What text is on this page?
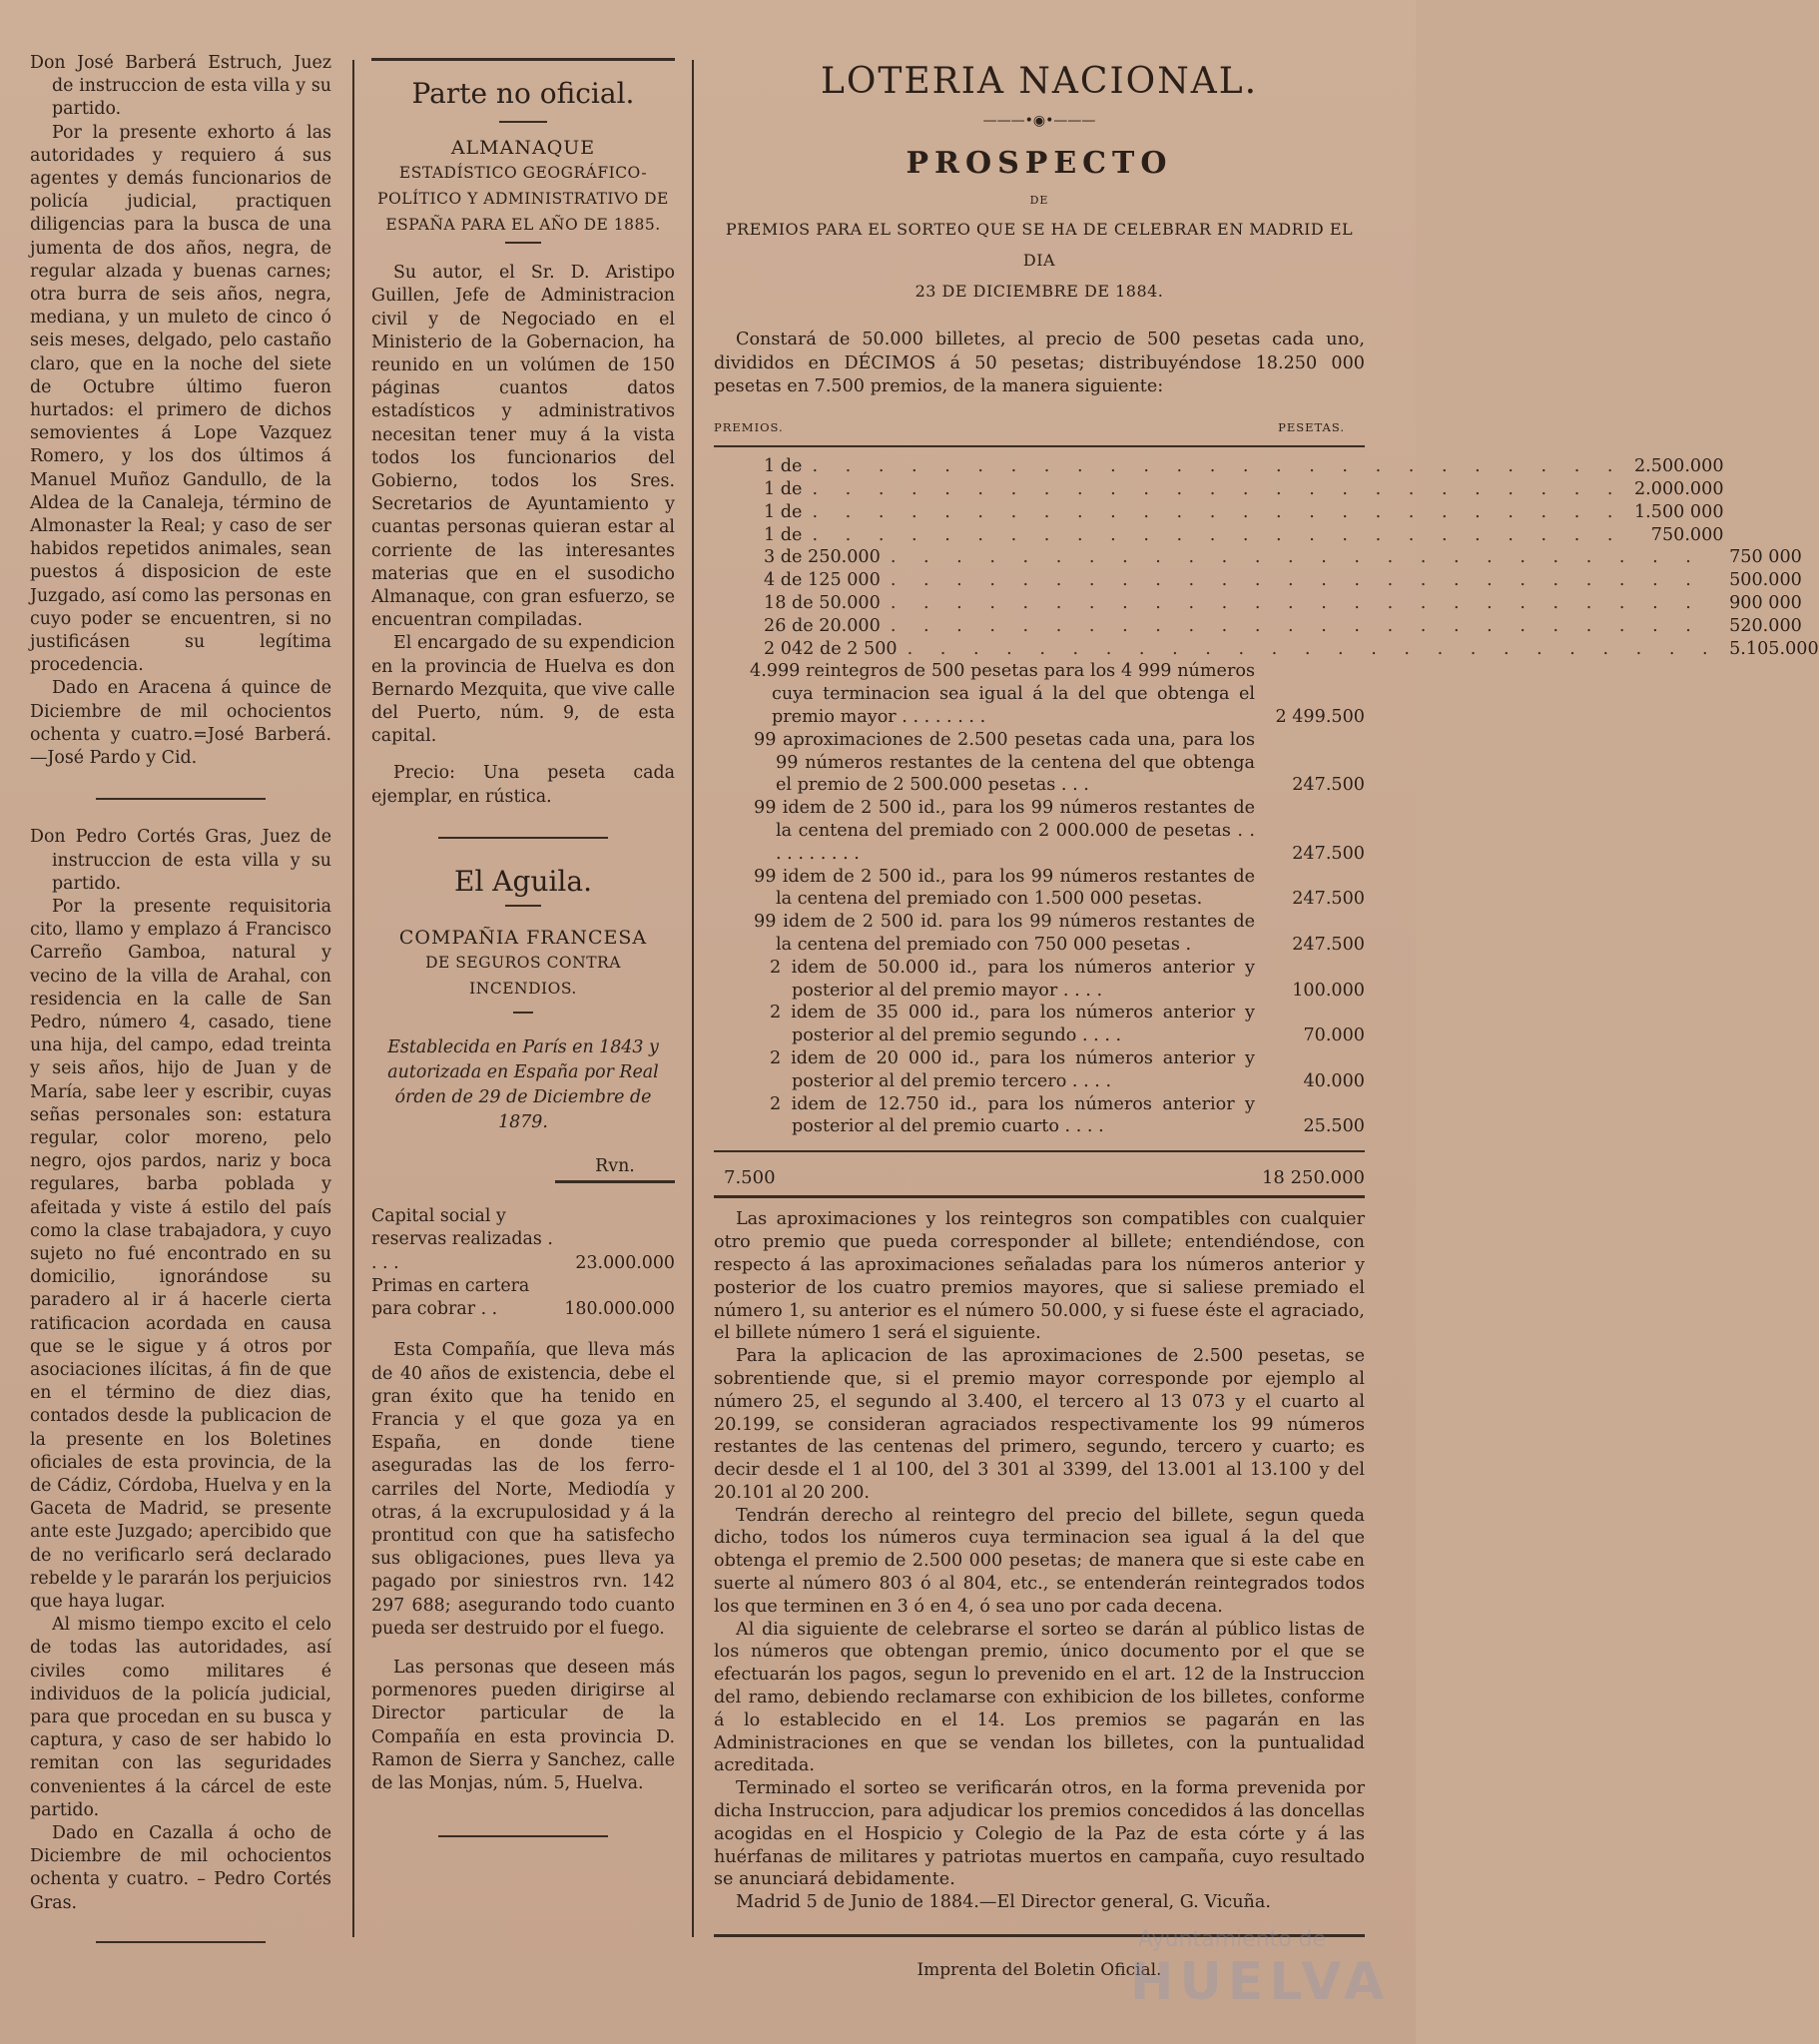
Don José Barberá Estruch, Juez de instruccion de esta villa y su partido.

Por la presente exhorto á las autoridades y requiero á sus agentes y demás funcionarios de policía judicial, practiquen diligencias para la busca de una jumenta de dos años, negra, de regular alzada y buenas carnes; otra burra de seis años, negra, mediana, y un muleto de cinco ó seis meses, delgado, pelo castaño claro, que en la noche del siete de Octubre último fueron hurtados: el primero de dichos semovientes á Lope Vazquez Romero, y los dos últimos á Manuel Muñoz Gandullo, de la Aldea de la Canaleja, término de Almonaster la Real; y caso de ser habidos repetidos animales, sean puestos á disposicion de este Juzgado, así como las personas en cuyo poder se encuentren, si no justificásen su legítima procedencia.

Dado en Aracena á quince de Diciembre de mil ochocientos ochenta y cuatro.=José Barberá. —José Pardo y Cid.

Don Pedro Cortés Gras, Juez de instruccion de esta villa y su partido.

Por la presente requisitoria cito, llamo y emplazo á Francisco Carreño Gamboa, natural y vecino de la villa de Arahal, con residencia en la calle de San Pedro, número 4, casado, tiene una hija, del campo, edad treinta y seis años, hijo de Juan y de María, sabe leer y escribir, cuyas señas personales son: estatura regular, color moreno, pelo negro, ojos pardos, nariz y boca regulares, barba poblada y afeitada y viste á estilo del país como la clase trabajadora, y cuyo sujeto no fué encontrado en su domicilio, ignorándose su paradero al ir á hacerle cierta ratificacion acordada en causa que se le sigue y á otros por asociaciones ilícitas, á fin de que en el término de diez dias, contados desde la publicacion de la presente en los Boletines oficiales de esta provincia, de la de Cádiz, Córdoba, Huelva y en la Gaceta de Madrid, se presente ante este Juzgado; apercibido que de no verificarlo será declarado rebelde y le pararán los perjuicios que haya lugar.

Al mismo tiempo excito el celo de todas las autoridades, así civiles como militares é individuos de la policía judicial, para que procedan en su busca y captura, y caso de ser habido lo remitan con las seguridades convenientes á la cárcel de este partido.

Dado en Cazalla á ocho de Diciembre de mil ochocientos ochenta y cuatro. – Pedro Cortés Gras.

Parte no oficial.
ALMANAQUE
ESTADÍSTICO GEOGRÁFICO-POLÍTICO Y ADMINISTRATIVO DE ESPAÑA PARA EL AÑO DE 1885.

Su autor, el Sr. D. Aristipo Guillen, Jefe de Administracion civil y de Negociado en el Ministerio de la Gobernacion, ha reunido en un volúmen de 150 páginas cuantos datos estadísticos y administrativos necesitan tener muy á la vista todos los funcionarios del Gobierno, todos los Sres. Secretarios de Ayuntamiento y cuantas personas quieran estar al corriente de las interesantes materias que en el susodicho Almanaque, con gran esfuerzo, se encuentran compiladas.

El encargado de su expendicion en la provincia de Huelva es don Bernardo Mezquita, que vive calle del Puerto, núm. 9, de esta capital.

Precio: Una peseta cada ejemplar, en rústica.

El Aguila.
COMPAÑIA FRANCESA
DE SEGUROS CONTRA INCENDIOS.

Establecida en París en 1843 y autorizada en España por Real órden de 29 de Diciembre de 1879.

Rvn.
Capital social y reservas realizadas . . . .	23.000.000
Primas en cartera para cobrar . .	180.000.000

Esta Compañía, que lleva más de 40 años de existencia, debe el gran éxito que ha tenido en Francia y el que goza ya en España, en donde tiene aseguradas las de los ferro-carriles del Norte, Mediodía y otras, á la excrupulosidad y á la prontitud con que ha satisfecho sus obligaciones, pues lleva ya pagado por siniestros rvn. 142 297 688; asegurando todo cuanto pueda ser destruido por el fuego.

Las personas que deseen más pormenores pueden dirigirse al Director particular de la Compañía en esta provincia D. Ramon de Sierra y Sanchez, calle de las Monjas, núm. 5, Huelva.

LOTERIA NACIONAL.
———•◉•———
PROSPECTO
DE
PREMIOS PARA EL SORTEO QUE SE HA DE CELEBRAR EN MADRID EL DIA
23 DE DICIEMBRE DE 1884.

Constará de 50.000 billetes, al precio de 500 pesetas cada uno, divididos en DÉCIMOS á 50 pesetas; distribuyéndose 18.250 000 pesetas en 7.500 premios, de la manera siguiente:

PREMIOS.	PESETAS.
1 de . . . . . . . . . . . . . . . . . . . . . . . . . 2.500.000
1 de . . . . . . . . . . . . . . . . . . . . . . . . . 2.000.000
1 de . . . . . . . . . . . . . . . . . . . . . . . . . 1.500 000
1 de . . . . . . . . . . . . . . . . . . . . . . . . .	750.000
3 de 250.000 . . . . . . . . . . . . . . . . . . . . . . . . .	750 000
4 de 125 000 . . . . . . . . . . . . . . . . . . . . . . . . .	500.000
18 de 50.000 . . . . . . . . . . . . . . . . . . . . . . . . .	900 000
26 de 20.000 . . . . . . . . . . . . . . . . . . . . . . . . .	520.000
2 042 de 2 500 . . . . . . . . . . . . . . . . . . . . . . . . . 5.105.000
4.999 reintegros de 500 pesetas para los 4 999 números cuya terminacion sea igual á la del que obtenga el premio mayor . . . . . . . .	2 499.500
99 aproximaciones de 2.500 pesetas cada una, para los 99 números restantes de la centena del que obtenga el premio de 2 500.000 pesetas . . .	247.500
99 idem de 2 500 id., para los 99 números restantes de la centena del premiado con 2 000.000 de pesetas . . . . . . . . . .	247.500
99 idem de 2 500 id., para los 99 números restantes de la centena del premiado con 1.500 000 pesetas.	247.500
99 idem de 2 500 id. para los 99 números restantes de la centena del premiado con 750 000 pesetas .	247.500
2 idem de 50.000 id., para los números anterior y posterior al del premio mayor . . . .	100.000
2 idem de 35 000 id., para los números anterior y posterior al del premio segundo . . . .	70.000
2 idem de 20 000 id., para los números anterior y posterior al del premio tercero . . . .	40.000
2 idem de 12.750 id., para los números anterior y posterior al del premio cuarto . . . .	25.500
7.500	18 250.000

Las aproximaciones y los reintegros son compatibles con cualquier otro premio que pueda corresponder al billete; entendiéndose, con respecto á las aproximaciones señaladas para los números anterior y posterior de los cuatro premios mayores, que si saliese premiado el número 1, su anterior es el número 50.000, y si fuese éste el agraciado, el billete número 1 será el siguiente.

Para la aplicacion de las aproximaciones de 2.500 pesetas, se sobrentiende que, si el premio mayor corresponde por ejemplo al número 25, el segundo al 3.400, el tercero al 13 073 y el cuarto al 20.199, se consideran agraciados respectivamente los 99 números restantes de las centenas del primero, segundo, tercero y cuarto; es decir desde el 1 al 100, del 3 301 al 3399, del 13.001 al 13.100 y del 20.101 al 20 200.

Tendrán derecho al reintegro del precio del billete, segun queda dicho, todos los números cuya terminacion sea igual á la del que obtenga el premio de 2.500 000 pesetas; de manera que si este cabe en suerte al número 803 ó al 804, etc., se entenderán reintegrados todos los que terminen en 3 ó en 4, ó sea uno por cada decena.

Al dia siguiente de celebrarse el sorteo se darán al público listas de los números que obtengan premio, único documento por el que se efectuarán los pagos, segun lo prevenido en el art. 12 de la Instruccion del ramo, debiendo reclamarse con exhibicion de los billetes, conforme á lo establecido en el 14. Los premios se pagarán en las Administraciones en que se vendan los billetes, con la puntualidad acreditada.

Terminado el sorteo se verificarán otros, en la forma prevenida por dicha Instruccion, para adjudicar los premios concedidos á las doncellas acogidas en el Hospicio y Colegio de la Paz de esta córte y á las huérfanas de militares y patriotas muertos en campaña, cuyo resultado se anunciará debidamente.

Madrid 5 de Junio de 1884.—El Director general, G. Vicuña.

Imprenta del Boletin Oficial.
Ayuntamiento de
HUELVA
